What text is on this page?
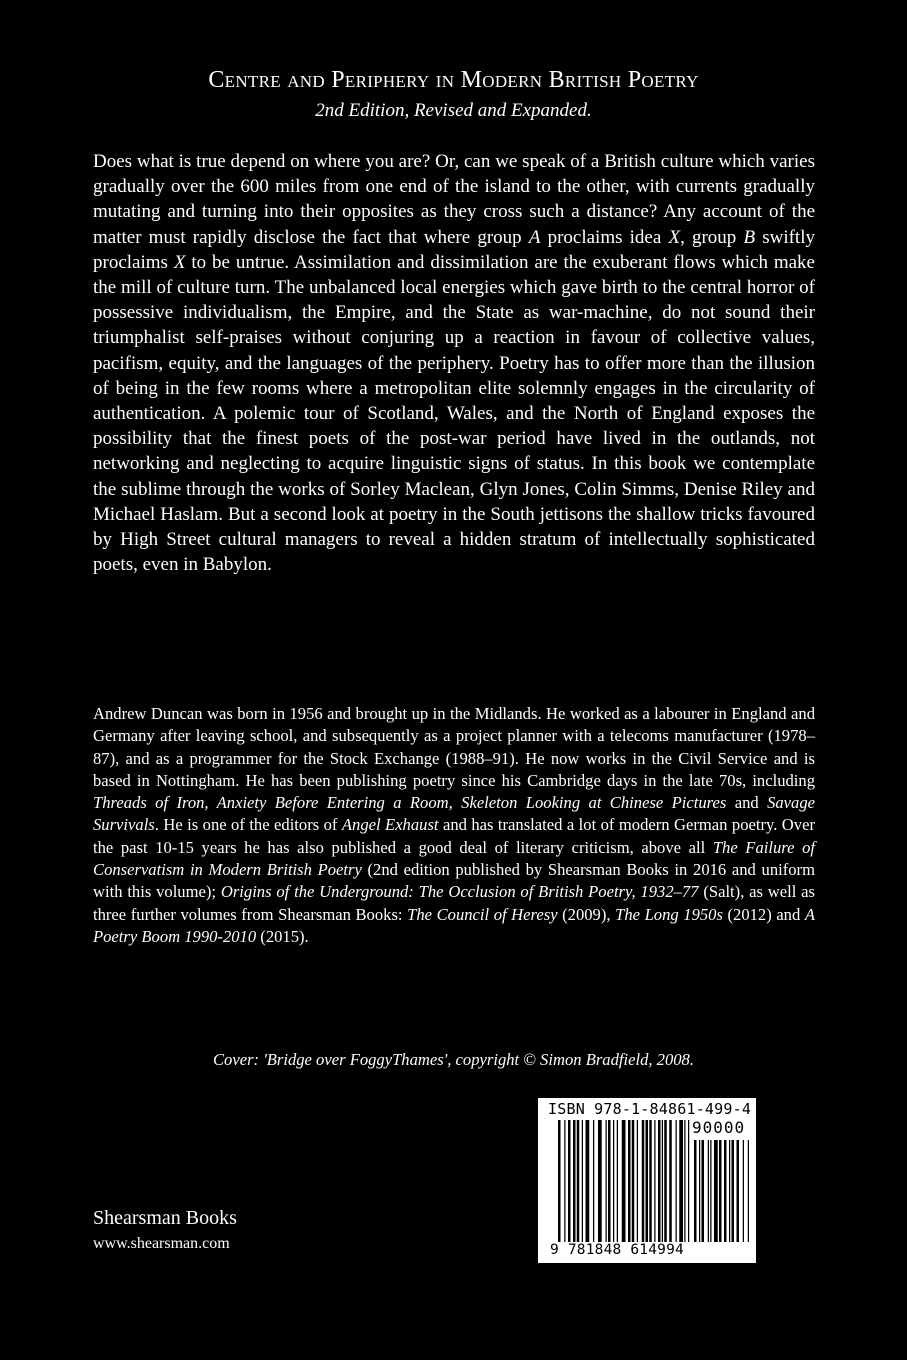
Centre and Periphery in Modern British Poetry
2nd Edition, Revised and Expanded.

Does what is true depend on where you are? Or, can we speak of a British culture which varies gradually over the 600 miles from one end of the island to the other, with currents gradually mutating and turning into their opposites as they cross such a distance? Any account of the matter must rapidly disclose the fact that where group A proclaims idea X, group B swiftly proclaims X to be untrue. Assimilation and dissimilation are the exuberant flows which make the mill of culture turn. The unbalanced local energies which gave birth to the central horror of possessive individualism, the Empire, and the State as war-machine, do not sound their triumphalist self-praises without conjuring up a reaction in favour of collective values, pacifism, equity, and the languages of the periphery. Poetry has to offer more than the illusion of being in the few rooms where a metropolitan elite solemnly engages in the circularity of authentication. A polemic tour of Scotland, Wales, and the North of England exposes the possibility that the finest poets of the post-war period have lived in the outlands, not networking and neglecting to acquire linguistic signs of status. In this book we contemplate the sublime through the works of Sorley Maclean, Glyn Jones, Colin Simms, Denise Riley and Michael Haslam. But a second look at poetry in the South jettisons the shallow tricks favoured by High Street cultural managers to reveal a hidden stratum of intellectually sophisticated poets, even in Babylon.

Andrew Duncan was born in 1956 and brought up in the Midlands. He worked as a labourer in England and Germany after leaving school, and subsequently as a project planner with a telecoms manufacturer (1978–87), and as a programmer for the Stock Exchange (1988–91). He now works in the Civil Service and is based in Nottingham. He has been publishing poetry since his Cambridge days in the late 70s, including Threads of Iron, Anxiety Before Entering a Room, Skeleton Looking at Chinese Pictures and Savage Survivals. He is one of the editors of Angel Exhaust and has translated a lot of modern German poetry. Over the past 10-15 years he has also published a good deal of literary criticism, above all The Failure of Conservatism in Modern British Poetry (2nd edition published by Shearsman Books in 2016 and uniform with this volume); Origins of the Underground: The Occlusion of British Poetry, 1932–77 (Salt), as well as three further volumes from Shearsman Books: The Council of Heresy (2009), The Long 1950s (2012) and A Poetry Boom 1990-2010 (2015).

Cover: 'Bridge over FoggyThames', copyright © Simon Bradfield, 2008.
ISBN 978-1-84861-499-4
90000
9 781848 614994
Shearsman Books
www.shearsman.com
